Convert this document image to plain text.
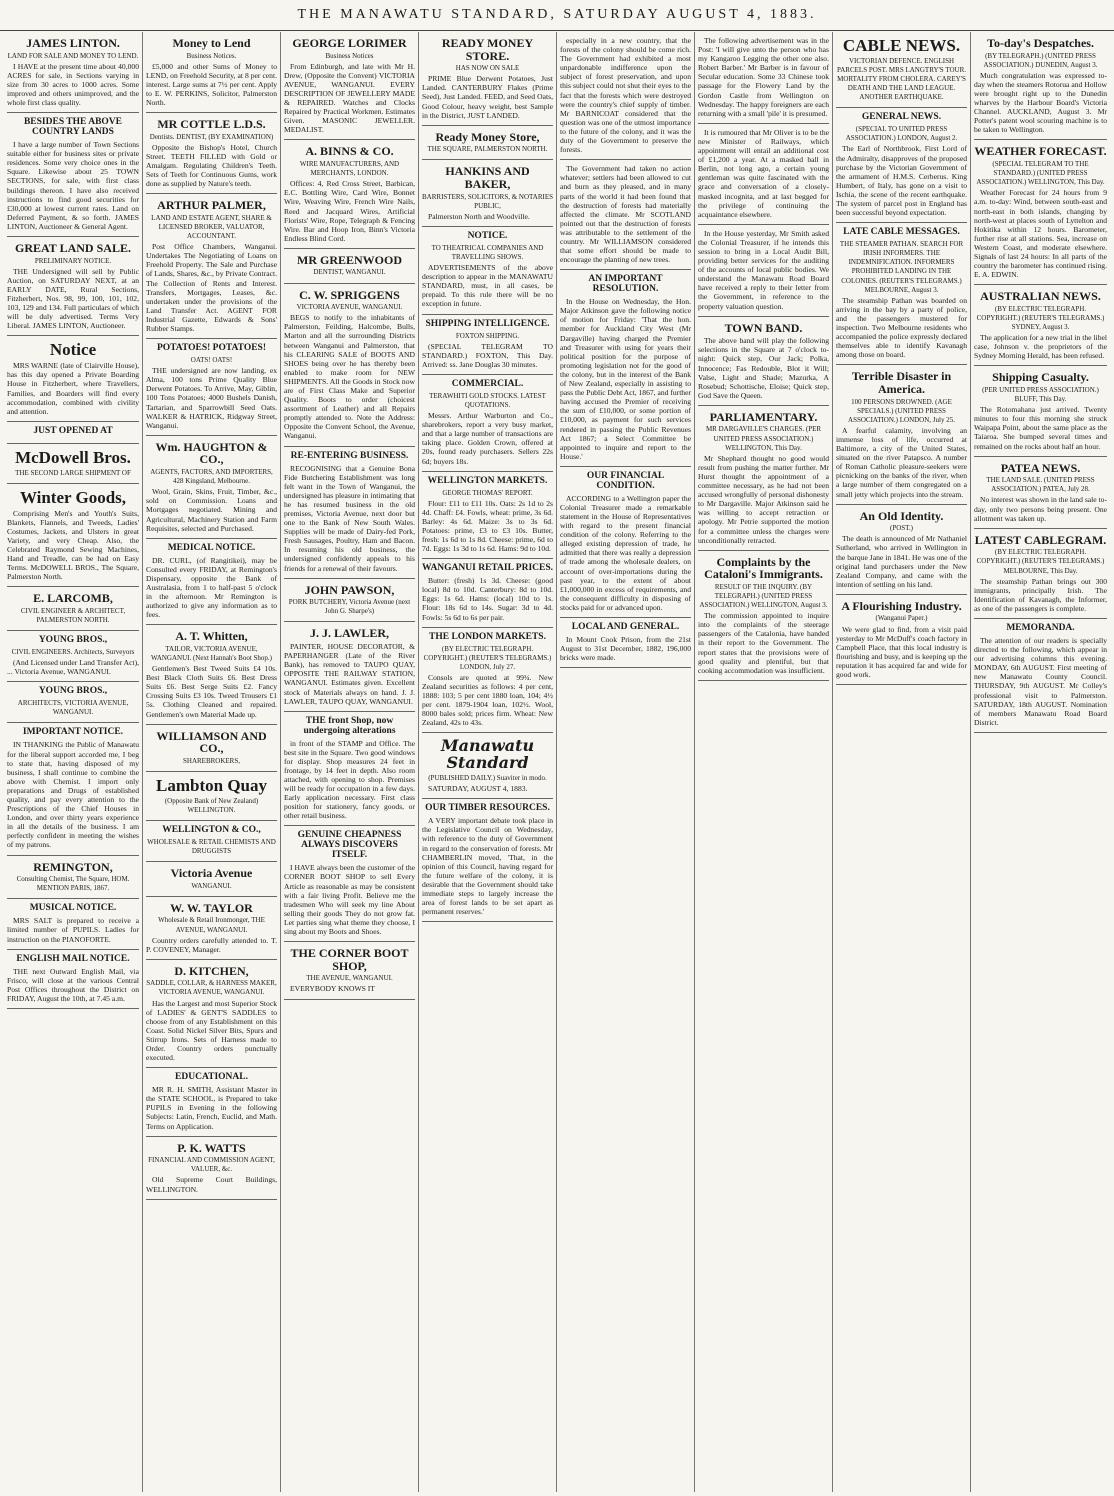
THE MANAWATU STANDARD, SATURDAY AUGUST 4, 1883.
JAMES LINTON.
LAND FOR SALE AND MONEY TO LEND.
I HAVE at the present time about 40,000 ACRES for sale, in Sections varying in size from 30 acres to 1000 acres. Some improved and others unimproved, and the whole first class quality.
BESIDES THE ABOVE COUNTRY LANDS
I have a large number of Town Sections suitable either for business sites or private residences. Some very choice ones in the Square. Likewise about 25 TOWN SECTIONS, for sale, with first class buildings thereon. I have also received instructions to find good securities for £30,000 at lowest current rates. Land on Deferred Payment, & so forth. JAMES LINTON, Auctioneer & General Agent.
GREAT LAND SALE.
PRELIMINARY NOTICE.
THE Undersigned will sell by Public Auction, on SATURDAY NEXT, at an EARLY DATE, Rural Sections, Fitzherbert, Nos. 98, 99, 100, 101, 102, 103, 129 and 134. Full particulars of which will be duly advertised. Terms Very Liberal. JAMES LINTON, Auctioneer.
Notice
MRS WARNE (late of Clairville House), has this day opened a Private Boarding House in Fitzherbert, where Travellers, Families, and Boarders will find every accommodation, combined with civility and attention.
JUST OPENED AT
McDowell Bros.
THE SECOND LARGE SHIPMENT OF
Winter Goods,
Comprising Men's and Youth's Suits, Blankets, Flannels, and Tweeds, Ladies' Costumes, Jackets, and Ulsters in great Variety, and very Cheap. Also, the Celebrated Raymond Sewing Machines, Hand and Treadle, can be had on Easy Terms. McDOWELL BROS., The Square, Palmerston North.
E. LARCOMB,
CIVIL ENGINEER & ARCHITECT, PALMERSTON NORTH.
YOUNG BROS.,
CIVIL ENGINEERS. Architects, Surveyors
(And Licensed under Land Transfer Act), ... Victoria Avenue, WANGANUI.
YOUNG BROS.,
ARCHITECTS, VICTORIA AVENUE, WANGANUI.
IMPORTANT NOTICE.
IN THANKING the Public of Manawatu for the liberal support accorded me, I beg to state that, having disposed of my business, I shall continue to combine the above with Chemist. I import only preparations and Drugs of established quality, and pay every attention to the Prescriptions of the Chief Houses in London, and over thirty years experience in all the details of the business. I am perfectly confident in meeting the wishes of my patrons.
REMINGTON,
Consulting Chemist, The Square, HOM. MENTION PARIS, 1867.
MUSICAL NOTICE.
MRS SALT is prepared to receive a limited number of PUPILS. Ladies for instruction on the PIANOFORTE.
ENGLISH MAIL NOTICE.
THE next Outward English Mail, via Frisco, will close at the various Central Post Offices throughout the District on FRIDAY, August the 10th, at 7.45 a.m.
Money to Lend
Business Notices.
£5,000 and other Sums of Money to LEND, on Freehold Security, at 8 per cent. interest. Large sums at 7½ per cent. Apply to E. W. PERKINS, Solicitor, Palmerston North.
MR COTTLE L.D.S.
Dentists. DENTIST, (BY EXAMINATION)
Opposite the Bishop's Hotel, Church Street. TEETH FILLED with Gold or Amalgam. Regulating Children's Teeth. Sets of Teeth for Continuous Gums, work done as supplied by Nature's teeth.
ARTHUR PALMER,
LAND AND ESTATE AGENT, SHARE & LICENSED BROKER, VALUATOR, ACCOUNTANT.
Post Office Chambers, Wanganui. Undertakes The Negotiating of Loans on Freehold Property. The Sale and Purchase of Lands, Shares, &c., by Private Contract. The Collection of Rents and Interest. Transfers, Mortgages, Leases, &c. undertaken under the provisions of the Land Transfer Act. AGENT FOR Industrial Gazette, Edwards & Sons' Rubber Stamps.
POTATOES! POTATOES!
OATS! OATS!
THE undersigned are now landing, ex Alma, 100 tons Prime Quality Blue Derwent Potatoes. To Arrive, May, Giblin, 100 Tons Potatoes; 4000 Bushels Danish, Tartarian, and Sparrowbill Seed Oats. WALKER & HATRICK, Ridgway Street, Wanganui.
Wm. HAUGHTON & CO.,
AGENTS, FACTORS, AND IMPORTERS, 428 Kingsland, Melbourne.
Wool, Grain, Skins, Fruit, Timber, &c., sold on Commission. Loans and Mortgages negotiated. Mining and Agricultural, Machinery Station and Farm Requisites, selected and Purchased.
MEDICAL NOTICE.
DR. CURL, (of Rangitikei), may be Consulted every FRIDAY, at Remington's Dispensary, opposite the Bank of Australasia, from 1 to half-past 5 o'clock in the afternoon. Mr Remington is authorized to give any information as to fees.
A. T. Whitten,
TAILOR, VICTORIA AVENUE, WANGANUI. (Next Hannah's Boot Shop.)
Gentlemen's Best Tweed Suits £4 10s. Best Black Cloth Suits £6. Best Dress Suits £6. Best Serge Suits £2. Fancy Crossing Suits £3 10s. Tweed Trousers £1 5s. Clothing Cleaned and repaired. Gentlemen's own Material Made up.
WILLIAMSON AND CO.,
SHAREBROKERS,
Lambton Quay
(Opposite Bank of New Zealand) WELLINGTON.
WELLINGTON & CO.,
WHOLESALE & RETAIL CHEMISTS AND DRUGGISTS
Victoria Avenue
WANGANUI.
W. W. TAYLOR
Wholesale & Retail Ironmonger, THE AVENUE, WANGANUI.
Country orders carefully attended to. T. P. COVENEY, Manager.
D. KITCHEN,
SADDLE, COLLAR, & HARNESS MAKER, VICTORIA AVENUE, WANGANUI.
Has the Largest and most Superior Stock of LADIES' & GENT'S SADDLES to choose from of any Establishment on this Coast. Solid Nickel Silver Bits, Spurs and Stirrup Irons. Sets of Harness made to Order. Country orders punctually executed.
EDUCATIONAL.
MR R. H. SMITH, Assistant Master in the STATE SCHOOL, is Prepared to take PUPILS in Evening in the following Subjects: Latin, French, Euclid, and Math. Terms on Application.
P. K. WATTS
FINANCIAL AND COMMISSION AGENT, VALUER, &c.
Old Supreme Court Buildings, WELLINGTON.
GEORGE LORIMER
Business Notices
From Edinburgh, and late with Mr H. Drew, (Opposite the Convent) VICTORIA AVENUE, WANGANUI. EVERY DESCRIPTION OF JEWELLERY MADE & REPAIRED. Watches and Clocks Repaired by Practical Workmen. Estimates Given. MASONIC JEWELLER. MEDALIST.
A. BINNS & CO.
WIRE MANUFACTURERS, AND MERCHANTS, LONDON.
Offices: 4, Red Cross Street, Barbican, E.C. Bottling Wire, Card Wire, Bonnet Wire, Weaving Wire, French Wire Nails, Reed and Jacquard Wires, Artificial Florists' Wire, Rope, Telegraph & Fencing Wire. Bar and Hoop Iron, Binn's Victoria Endless Blind Cord.
MR GREENWOOD
DENTIST, WANGANUI.
C. W. SPRIGGENS
VICTORIA AVENUE, WANGANUI.
BEGS to notify to the inhabitants of Palmerston, Feilding, Halcombe, Bulls, Marton and all the surrounding Districts between Wanganui and Palmerston, that his CLEARING SALE of BOOTS AND SHOES being over he has thereby been enabled to make room for NEW SHIPMENTS. All the Goods in Stock now are of First Class Make and Superior Quality. Boots to order (choicest assortment of Leather) and all Repairs promptly attended to. Note the Address: Opposite the Convent School, the Avenue, Wanganui.
RE-ENTERING BUSINESS.
RECOGNISING that a Genuine Bona Fide Butchering Establishment was long felt want in the Town of Wanganui, the undersigned has pleasure in intimating that he has resumed business in the old premises, Victoria Avenue, next door but one to the Bank of New South Wales. Supplies will be made of Dairy-fed Pork, Fresh Sausages, Poultry, Ham and Bacon. In resuming his old business, the undersigned confidently appeals to his friends for a renewal of their favours.
JOHN PAWSON,
PORK BUTCHERY, Victoria Avenue (next John G. Sharpe's)
J. J. LAWLER,
PAINTER, HOUSE DECORATOR, & PAPERHANGER (Late of the River Bank), has removed to TAUPO QUAY, OPPOSITE THE RAILWAY STATION, WANGANUI. Estimates given. Excellent stock of Materials always on hand. J. J. LAWLER, TAUPO QUAY, WANGANUI.
THE front Shop, now undergoing alterations
in front of the STAMP and Office. The best site in the Square. Two good windows for display. Shop measures 24 feet in frontage, by 14 feet in depth. Also room attached, with opening to shop. Premises will be ready for occupation in a few days. Early application necessary. First class position for stationery, fancy goods, or other retail business.
GENUINE CHEAPNESS ALWAYS DISCOVERS ITSELF.
I HAVE always been the customer of the CORNER BOOT SHOP to sell Every Article as reasonable as may be consistent with a fair living Profit. Believe me the tradesmen Who will seek my line About selling their goods They do not grow fat. Let parties sing what theme they choose, I sing about my Boots and Shoes.
THE CORNER BOOT SHOP,
THE AVENUE, WANGANUI.
EVERYBODY KNOWS IT
READY MONEY STORE.
HAS NOW ON SALE
PRIME Blue Derwent Potatoes, Just Landed. CANTERBURY Flakes (Prime Seed), Just Landed. FEED, and Seed Oats, Good Colour, heavy weight, best Sample in the District, JUST LANDED.
Ready Money Store,
THE SQUARE, PALMERSTON NORTH.
HANKINS AND BAKER,
BARRISTERS, SOLICITORS, & NOTARIES PUBLIC,
Palmerston North and Woodville.
NOTICE.
TO THEATRICAL COMPANIES AND TRAVELLING SHOWS.
ADVERTISEMENTS of the above description to appear in the MANAWATU STANDARD, must, in all cases, be prepaid. To this rule there will be no exception in future.
SHIPPING INTELLIGENCE.
FOXTON SHIPPING.
(SPECIAL TELEGRAM TO STANDARD.) FOXTON, This Day. Arrived: ss. Jane Douglas 30 minutes.
COMMERCIAL.
TERAWHITI GOLD STOCKS. LATEST QUOTATIONS.
Messrs. Arthur Warburton and Co., sharebrokers, report a very busy market, and that a large number of transactions are taking place. Golden Crown, offered at 20s, found ready purchasers. Sellers 22s 6d; buyers 18s.
WELLINGTON MARKETS.
GEORGE THOMAS' REPORT.
Flour: £11 to £11 10s. Oats: 2s 1d to 2s 4d. Chaff: £4. Fowls, wheat: prime, 3s 6d. Barley: 4s 6d. Maize: 3s to 3s 6d. Potatoes: prime, £3 to £3 10s. Butter, fresh: 1s 6d to 1s 8d. Cheese: prime, 6d to 7d. Eggs: 1s 3d to 1s 6d. Hams: 9d to 10d.
WANGANUI RETAIL PRICES.
Butter: (fresh) 1s 3d. Cheese: (good local) 8d to 10d. Canterbury: 8d to 10d. Eggs: 1s 6d. Hams: (local) 10d to 1s. Flour: 18s 6d to 14s. Sugar: 3d to 4d. Fowls: 5s 6d to 6s per pair.
THE LONDON MARKETS.
(BY ELECTRIC TELEGRAPH. COPYRIGHT.) (REUTER'S TELEGRAMS.) LONDON, July 27.
Consols are quoted at 99¾. New Zealand securities as follows: 4 per cent, 1888: 103; 5 per cent 1880 loan, 104; 4½ per cent. 1879-1904 loan, 102½. Wool, 8000 bales sold; prices firm. Wheat: New Zealand, 42s to 43s.
Manawatu Standard
(PUBLISHED DAILY.) Suaviter in modo.
SATURDAY, AUGUST 4, 1883.
OUR TIMBER RESOURCES.
A VERY important debate took place in the Legislative Council on Wednesday, with reference to the duty of Government in regard to the conservation of forests. Mr CHAMBERLIN moved, 'That, in the opinion of this Council, having regard for the future welfare of the colony, it is desirable that the Government should take immediate steps to largely increase the area of forest lands to be set apart as permanent reserves.'
especially in a new country, that the forests of the colony should be come rich. The Government had exhibited a most unpardonable indifference upon the subject of forest preservation, and upon this subject could not shut their eyes to the fact that the forests which were destroyed were the country's chief supply of timber. Mr BARNICOAT considered that the question was one of the utmost importance to the future of the colony, and it was the duty of the Government to preserve the forests.
The Government had taken no action whatever; settlers had been allowed to cut and burn as they pleased, and in many parts of the world it had been found that the destruction of forests had materially affected the climate. Mr SCOTLAND pointed out that the destruction of forests was attributable to the settlement of the country. Mr WILLIAMSON considered that some effort should be made to encourage the planting of new trees.
AN IMPORTANT RESOLUTION.
In the House on Wednesday, the Hon. Major Atkinson gave the following notice of motion for Friday: 'That the hon. member for Auckland City West (Mr Dargaville) having charged the Premier and Treasurer with using for years their political position for the purpose of promoting legislation not for the good of the colony, but in the interest of the Bank of New Zealand, especially in assisting to pass the Public Debt Act, 1867, and further having accused the Premier of receiving the sum of £10,000, or some portion of £10,000, as payment for such services rendered in passing the Public Revenues Act 1867; a Select Committee be appointed to inquire and report to the House.'
OUR FINANCIAL CONDITION.
ACCORDING to a Wellington paper the Colonial Treasurer made a remarkable statement in the House of Representatives with regard to the present financial condition of the colony. Referring to the alleged existing depression of trade, he admitted that there was really a depression of trade among the wholesale dealers, on account of over-importations during the past year, to the extent of about £1,000,000 in excess of requirements, and the consequent difficulty in disposing of stocks paid for or advanced upon.
LOCAL AND GENERAL.
In Mount Cook Prison, from the 21st August to 31st December, 1882, 196,000 bricks were made.
The following advertisement was in the Post: 'I will give unto the person who has my Kangaroo Legging the other one also. Robert Barber.' Mr Barber is in favour of Secular education. Some 33 Chinese took passage for the Flowery Land by the Gordon Castle from Wellington on Wednesday. The happy foreigners are each returning with a small 'pile' it is presumed.
It is rumoured that Mr Oliver is to be the new Minister of Railways, which appointment will entail an additional cost of £1,200 a year. At a masked ball in Berlin, not long ago, a certain young gentleman was quite fascinated with the grace and conversation of a closely-masked incognita, and at last begged for the privilege of continuing the acquaintance elsewhere.
In the House yesterday, Mr Smith asked the Colonial Treasurer, if he intends this session to bring in a Local Audit Bill, providing better services for the auditing of the accounts of local public bodies. We understand the Manawatu Road Board have received a reply to their letter from the Government, in reference to the property valuation question.
TOWN BAND.
The above band will play the following selections in the Square at 7 o'clock to-night: Quick step, Our Jack; Polka, Innocence; Fas Redouble, Blot it Will; Valse, Light and Shade; Mazurka, A Rosebud; Schottische, Eloise; Quick step, God Save the Queen.
PARLIAMENTARY.
MR DARGAVILLE'S CHARGES. (PER UNITED PRESS ASSOCIATION.) WELLINGTON, This Day.
Mr Shephard thought no good would result from pushing the matter further. Mr Hurst thought the appointment of a committee necessary, as he had not been accused wrongfully of personal dishonesty to Mr Dargaville. Major Atkinson said he was willing to accept retraction or apology. Mr Petrie supported the motion for a committee unless the charges were unconditionally retracted.
Complaints by the Cataloni's Immigrants.
RESULT OF THE INQUIRY. (BY TELEGRAPH.) (UNITED PRESS ASSOCIATION.) WELLINGTON, August 3.
The commission appointed to inquire into the complaints of the steerage passengers of the Catalonia, have handed in their report to the Government. The report states that the provisions were of good quality and plentiful, but that cooking accommodation was insufficient.
CABLE NEWS.
VICTORIAN DEFENCE. ENGLISH PARCELS POST. MRS LANGTRY'S TOUR. MORTALITY FROM CHOLERA. CAREY'S DEATH AND THE LAND LEAGUE. ANOTHER EARTHQUAKE.
GENERAL NEWS.
(SPECIAL TO UNITED PRESS ASSOCIATION.) LONDON, August 2.
The Earl of Northbrook, First Lord of the Admiralty, disapproves of the proposed purchase by the Victorian Government of the armament of H.M.S. Cerberus. King Humbert, of Italy, has gone on a visit to Ischia, the scene of the recent earthquake. The system of parcel post in England has been successful beyond expectation.
LATE CABLE MESSAGES.
THE STEAMER PATHAN. SEARCH FOR IRISH INFORMERS. THE INDEMNIFICATION. INFORMERS PROHIBITED LANDING IN THE COLONIES. (REUTER'S TELEGRAMS.) MELBOURNE, August 3.
The steamship Pathan was boarded on arriving in the bay by a party of police, and the passengers mustered for inspection. Two Melbourne residents who accompanied the police expressly declared themselves able to identify Kavanagh among those on board.
Terrible Disaster in America.
100 PERSONS DROWNED. (AGE SPECIALS.) (UNITED PRESS ASSOCIATION.) LONDON, July 25.
A fearful calamity, involving an immense loss of life, occurred at Baltimore, a city of the United States, situated on the river Patapsco. A number of Roman Catholic pleasure-seekers were picnicking on the banks of the river, when a large number of them congregated on a small jetty which projects into the stream.
An Old Identity.
(POST.)
The death is announced of Mr Nathaniel Sutherland, who arrived in Wellington in the barque Jane in 1841. He was one of the original land purchasers under the New Zealand Company, and came with the intention of settling on his land.
A Flourishing Industry.
(Wanganui Paper.)
We were glad to find, from a visit paid yesterday to Mr McDuff's coach factory in Campbell Place, that this local industry is flourishing and busy, and is keeping up the reputation it has acquired far and wide for good work.
To-day's Despatches.
(BY TELEGRAPH.) (UNITED PRESS ASSOCIATION.) DUNEDIN, August 3.
Much congratulation was expressed to-day when the steamers Rotorua and Hollow were brought right up to the Dunedin wharves by the Harbour Board's Victoria Channel. AUCKLAND, August 3. Mr Potter's patent wool scouring machine is to be taken to Wellington.
WEATHER FORECAST.
(SPECIAL TELEGRAM TO THE STANDARD.) (UNITED PRESS ASSOCIATION.) WELLINGTON, This Day.
Weather Forecast for 24 hours from 9 a.m. to-day: Wind, between south-east and north-east in both islands, changing by north-west at places south of Lyttelton and Hokitika within 12 hours. Barometer, further rise at all stations. Sea, increase on Western Coast, and moderate elsewhere. Signals of last 24 hours: In all parts of the country the barometer has continued rising. E. A. EDWIN.
AUSTRALIAN NEWS.
(BY ELECTRIC TELEGRAPH. COPYRIGHT.) (REUTER'S TELEGRAMS.) SYDNEY, August 3.
The application for a new trial in the libel case, Johnson v. the proprietors of the Sydney Morning Herald, has been refused.
Shipping Casualty.
(PER UNITED PRESS ASSOCIATION.) BLUFF, This Day.
The Rotomahana just arrived. Twenty minutes to four this morning she struck Waipapa Point, about the same place as the Taiaroa. She bumped several times and remained on the rocks about half an hour.
PATEA NEWS.
THE LAND SALE. (UNITED PRESS ASSOCIATION.) PATEA, July 28.
No interest was shown in the land sale to-day, only two persons being present. One allotment was taken up.
LATEST CABLEGRAM.
(BY ELECTRIC TELEGRAPH. COPYRIGHT.) (REUTER'S TELEGRAMS.) MELBOURNE, This Day.
The steamship Pathan brings out 300 immigrants, principally Irish. The Identification of Kavanagh, the Informer, as one of the passengers is complete.
MEMORANDA.
The attention of our readers is specially directed to the following, which appear in our advertising columns this evening. MONDAY, 6th AUGUST. First meeting of new Manawatu County Council. THURSDAY, 9th AUGUST. Mr Colley's professional visit to Palmerston. SATURDAY, 18th AUGUST. Nomination of members Manawatu Road Board District.
